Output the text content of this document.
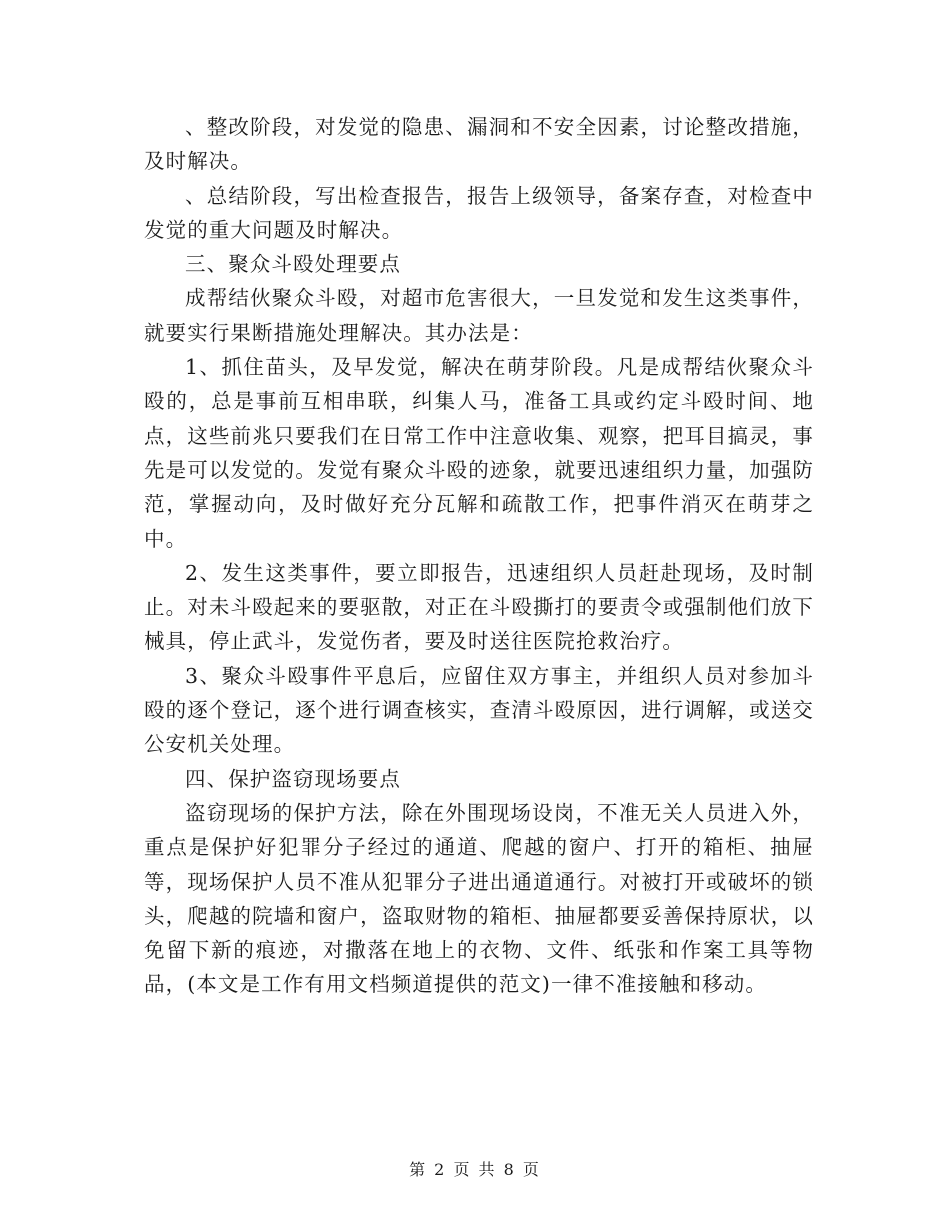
、整改阶段，对发觉的隐患、漏洞和不安全因素，讨论整改措施，及时解决。

、总结阶段，写出检查报告，报告上级领导，备案存查，对检查中发觉的重大问题及时解决。

三、聚众斗殴处理要点

成帮结伙聚众斗殴，对超市危害很大，一旦发觉和发生这类事件，就要实行果断措施处理解决。其办法是：

1、抓住苗头，及早发觉，解决在萌芽阶段。凡是成帮结伙聚众斗殴的，总是事前互相串联，纠集人马，准备工具或约定斗殴时间、地点，这些前兆只要我们在日常工作中注意收集、观察，把耳目搞灵，事先是可以发觉的。发觉有聚众斗殴的迹象，就要迅速组织力量，加强防范，掌握动向，及时做好充分瓦解和疏散工作，把事件消灭在萌芽之中。

2、发生这类事件，要立即报告，迅速组织人员赶赴现场，及时制止。对未斗殴起来的要驱散，对正在斗殴撕打的要责令或强制他们放下械具，停止武斗，发觉伤者，要及时送往医院抢救治疗。

3、聚众斗殴事件平息后，应留住双方事主，并组织人员对参加斗殴的逐个登记，逐个进行调查核实，查清斗殴原因，进行调解，或送交公安机关处理。

四、保护盗窃现场要点

盗窃现场的保护方法，除在外围现场设岗，不准无关人员进入外，重点是保护好犯罪分子经过的通道、爬越的窗户、打开的箱柜、抽屉等，现场保护人员不准从犯罪分子进出通道通行。对被打开或破坏的锁头，爬越的院墙和窗户，盗取财物的箱柜、抽屉都要妥善保持原状，以免留下新的痕迹，对撒落在地上的衣物、文件、纸张和作案工具等物品，(本文是工作有用文档频道提供的范文)一律不准接触和移动。

第 2 页 共 8 页
